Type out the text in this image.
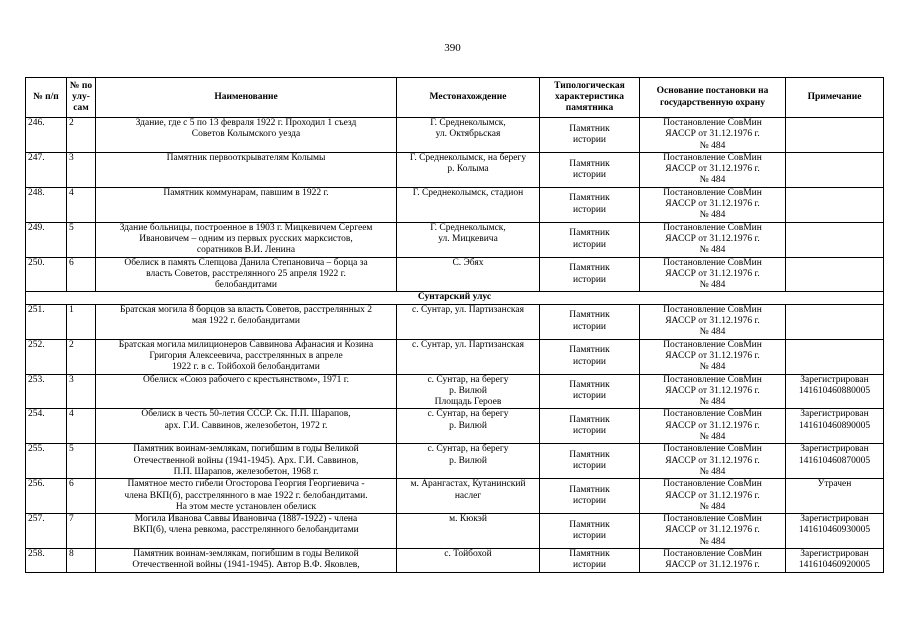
390
№ п/п	№ по улу-сам	Наименование	Местонахождение	Типологическая характеристика памятника	Основание постановки на государственную охрану	Примечание
246.	2	Здание, где с 5 по 13 февраля 1922 г. Проходил 1 съезд
Советов Колымского уезда	Г. Среднеколымск,
ул. Октябрьская	Памятник
истории	Постановление СовМин
ЯАССР от 31.12.1976 г.
№ 484	
247.	3	Памятник первооткрывателям Колымы	Г. Среднеколымск, на берегу
р. Колыма	Памятник
истории	Постановление СовМин
ЯАССР от 31.12.1976 г.
№ 484	
248.	4	Памятник коммунарам, павшим в 1922 г.	Г. Среднеколымск, стадион	Памятник
истории	Постановление СовМин
ЯАССР от 31.12.1976 г.
№ 484	
249.	5	Здание больницы, построенное в 1903 г. Мицкевичем Сергеем
Ивановичем – одним из первых русских марксистов,
соратников В.И. Ленина	Г. Среднеколымск,
ул. Мицкевича	Памятник
истории	Постановление СовМин
ЯАССР от 31.12.1976 г.
№ 484	
250.	6	Обелиск в память Слепцова Данила Степановича – борца за
власть Советов, расстрелянного 25 апреля 1922 г.
белобандитами	С. Эбях	Памятник
истории	Постановление СовМин
ЯАССР от 31.12.1976 г.
№ 484	
Сунтарский улус						
251.	1	Братская могила 8 борцов за власть Советов, расстрелянных 2
мая 1922 г. белобандитами	с. Сунтар, ул. Партизанская	Памятник
истории	Постановление СовМин
ЯАССР от 31.12.1976 г.
№ 484	
252.	2	Братская могила милиционеров Саввинова Афанасия и Козина
Григория Алексеевича, расстрелянных в апреле
1922 г. в с. Тойбохой белобандитами	с. Сунтар, ул. Партизанская	Памятник
истории	Постановление СовМин
ЯАССР от 31.12.1976 г.
№ 484	
253.	3	Обелиск «Союз рабочего с крестьянством», 1971 г.	с. Сунтар, на берегу
р. Вилюй
Площадь Героев	Памятник
истории	Постановление СовМин
ЯАССР от 31.12.1976 г.
№ 484	Зарегистрирован
141610460880005
254.	4	Обелиск в честь 50-летия СССР. Ск. П.П. Шарапов,
арх. Г.И. Саввинов, железобетон, 1972 г.	с. Сунтар, на берегу
р. Вилюй	Памятник
истории	Постановление СовМин
ЯАССР от 31.12.1976 г.
№ 484	Зарегистрирован
141610460890005
255.	5	Памятник воинам-землякам, погибшим в годы Великой
Отечественной войны (1941-1945). Арх. Г.И. Саввинов,
П.П. Шарапов, железобетон, 1968 г.	с. Сунтар, на берегу
р. Вилюй	Памятник
истории	Постановление СовМин
ЯАССР от 31.12.1976 г.
№ 484	Зарегистрирован
141610460870005
256.	6	Памятное место гибели Огосторова Георгия Георгиевича -
члена ВКП(б), расстрелянного в мае 1922 г. белобандитами.
На этом месте установлен обелиск	м. Арангастах, Кутанинский
наслег	Памятник
истории	Постановление СовМин
ЯАССР от 31.12.1976 г.
№ 484	Утрачен
257.	7	Могила Иванова Саввы Ивановича (1887-1922) - члена
ВКП(б), члена ревкома, расстрелянного белобандитами	м. Кюкэй	Памятник
истории	Постановление СовМин
ЯАССР от 31.12.1976 г.
№ 484	Зарегистрирован
141610460930005
258.	8	Памятник воинам-землякам, погибшим в годы Великой
Отечественной войны (1941-1945). Автор В.Ф. Яковлев,	с. Тойбохой	Памятник
истории	Постановление СовМин
ЯАССР от 31.12.1976 г.	Зарегистрирован
141610460920005
